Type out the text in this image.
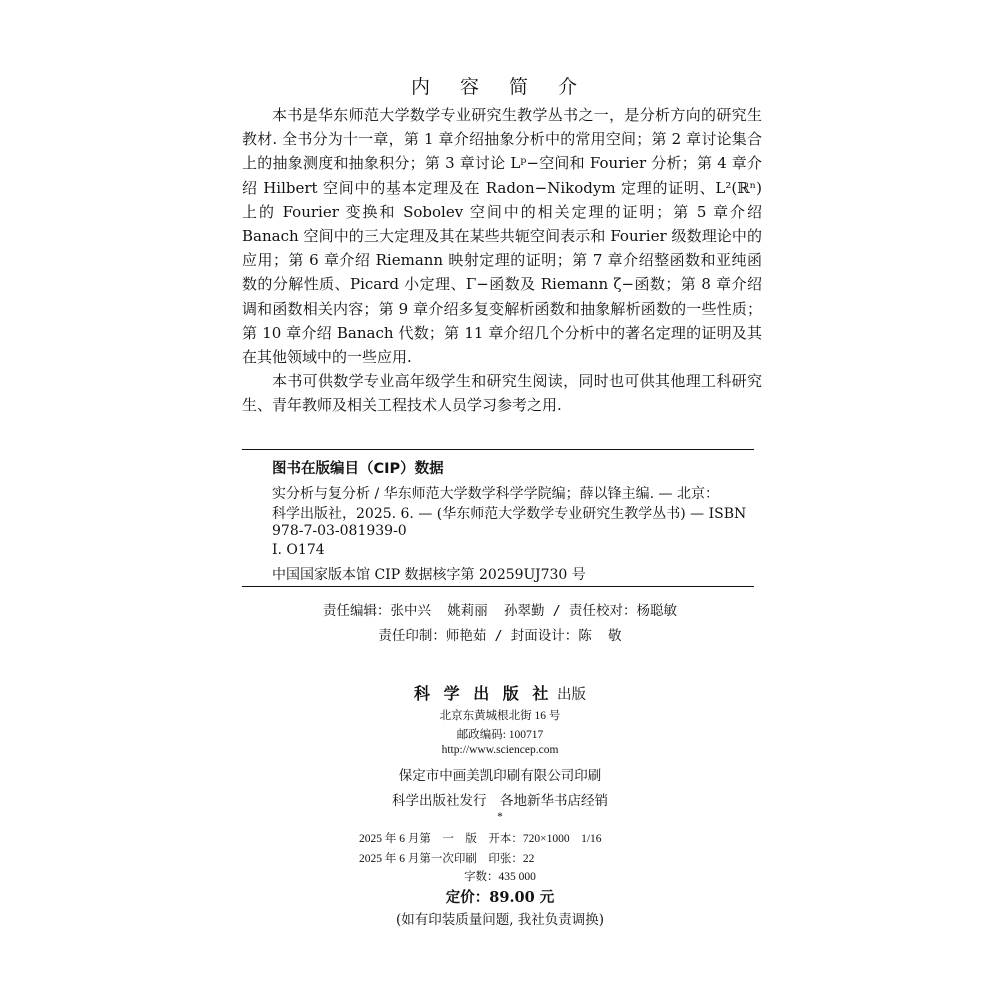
内 容 简 介

本书是华东师范大学数学专业研究生教学丛书之一，是分析方向的研究生教材. 全书分为十一章，第 1 章介绍抽象分析中的常用空间；第 2 章讨论集合上的抽象测度和抽象积分；第 3 章讨论 Lᵖ−空间和 Fourier 分析；第 4 章介绍 Hilbert 空间中的基本定理及在 Radon−Nikodym 定理的证明、L²(ℝⁿ) 上的 Fourier 变换和 Sobolev 空间中的相关定理的证明；第 5 章介绍 Banach 空间中的三大定理及其在某些共轭空间表示和 Fourier 级数理论中的应用；第 6 章介绍 Riemann 映射定理的证明；第 7 章介绍整函数和亚纯函数的分解性质、Picard 小定理、Γ−函数及 Riemann ζ−函数；第 8 章介绍调和函数相关内容；第 9 章介绍多复变解析函数和抽象解析函数的一些性质；第 10 章介绍 Banach 代数；第 11 章介绍几个分析中的著名定理的证明及其在其他领域中的一些应用.

本书可供数学专业高年级学生和研究生阅读，同时也可供其他理工科研究生、青年教师及相关工程技术人员学习参考之用.

图书在版编目（CIP）数据
实分析与复分析 / 华东师范大学数学科学学院编；薛以锋主编. — 北京：
科学出版社，2025. 6. — (华东师范大学数学专业研究生教学丛书) — ISBN
978-7-03-081939-0
Ⅰ. O174
中国国家版本馆 CIP 数据核字第 20259UJ730 号
责任编辑：张中兴  姚莉丽  孙翠勤 / 责任校对：杨聪敏
责任印制：师艳茹 / 封面设计：陈  敬
科 学 出 版 社 出版
北京东黄城根北街 16 号
邮政编码: 100717
http://www.sciencep.com
保定市中画美凯印刷有限公司印刷
科学出版社发行　各地新华书店经销
*
2025 年 6 月第　一　版　开本：720×1000　1/16
2025 年 6 月第一次印刷　印张：22
字数：435 000
定价：89.00 元
(如有印装质量问题, 我社负责调换)
